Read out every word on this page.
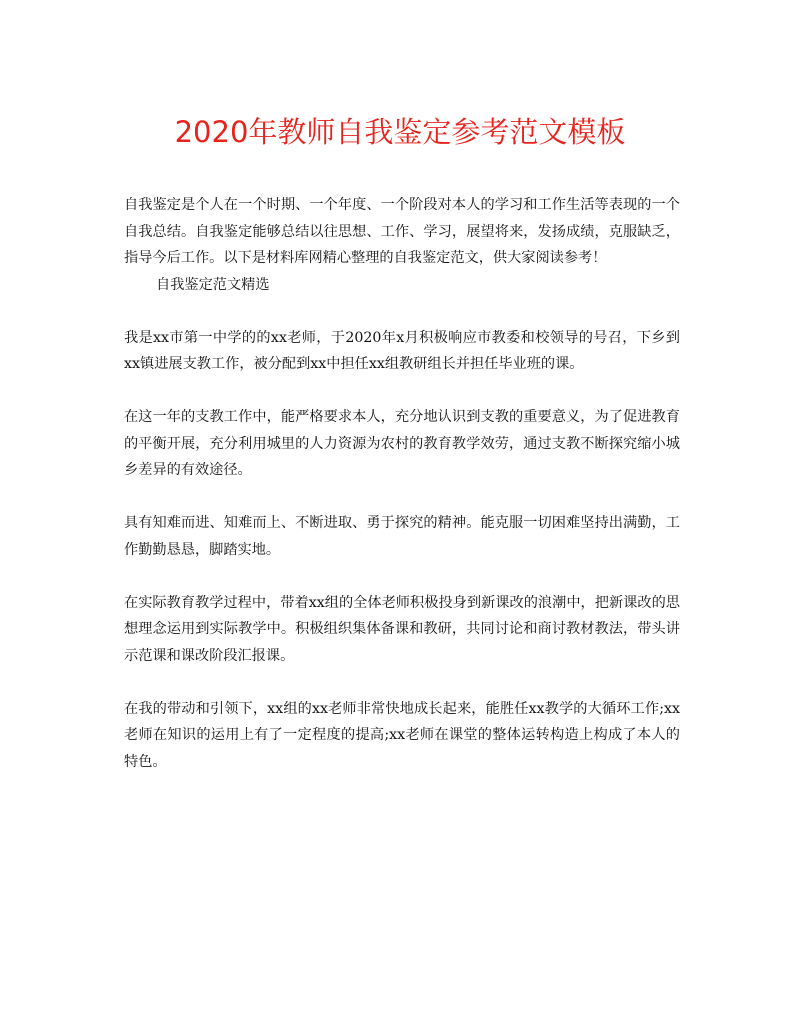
2020年教师自我鉴定参考范文模板

自我鉴定是个人在一个时期、一个年度、一个阶段对本人的学习和工作生活等表现的一个自我总结。自我鉴定能够总结以往思想、工作、学习，展望将来，发扬成绩，克服缺乏，指导今后工作。以下是材料库网精心整理的自我鉴定范文，供大家阅读参考！

自我鉴定范文精选

我是xx市第一中学的的xx老师，于2020年x月积极响应市教委和校领导的号召，下乡到xx镇进展支教工作，被分配到xx中担任xx组教研组长并担任毕业班的课。

在这一年的支教工作中，能严格要求本人，充分地认识到支教的重要意义，为了促进教育的平衡开展，充分利用城里的人力资源为农村的教育教学效劳，通过支教不断探究缩小城乡差异的有效途径。

具有知难而进、知难而上、不断进取、勇于探究的精神。能克服一切困难坚持出满勤，工作勤勤恳恳，脚踏实地。

在实际教育教学过程中，带着xx组的全体老师积极投身到新课改的浪潮中，把新课改的思想理念运用到实际教学中。积极组织集体备课和教研，共同讨论和商讨教材教法，带头讲示范课和课改阶段汇报课。

在我的带动和引领下，xx组的xx老师非常快地成长起来，能胜任xx教学的大循环工作;xx老师在知识的运用上有了一定程度的提高;xx老师在课堂的整体运转构造上构成了本人的特色。
